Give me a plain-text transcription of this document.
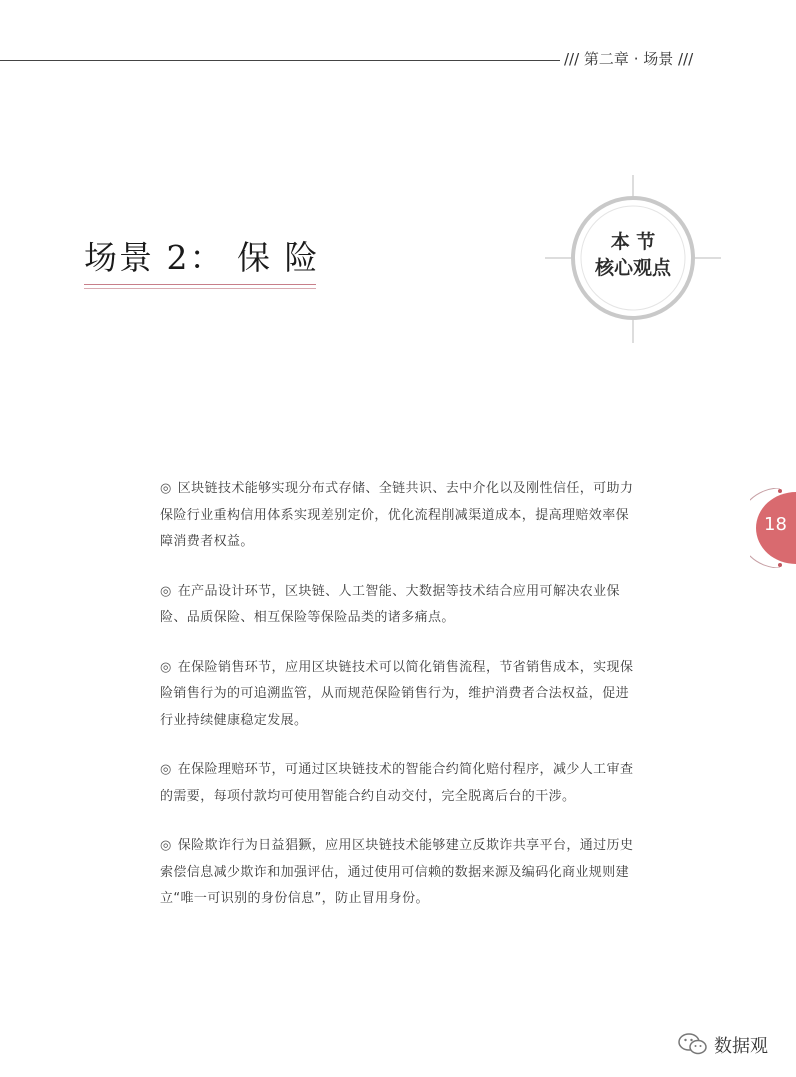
/// 第二章 · 场景 ///
场景 2： 保 险	本 节
核心观点
18
◎ 区块链技术能够实现分布式存储、全链共识、去中介化以及刚性信任，可助力保险行业重构信用体系实现差别定价，优化流程削减渠道成本，提高理赔效率保障消费者权益。
◎ 在产品设计环节，区块链、人工智能、大数据等技术结合应用可解决农业保险、品质保险、相互保险等保险品类的诸多痛点。
◎ 在保险销售环节，应用区块链技术可以简化销售流程，节省销售成本，实现保险销售行为的可追溯监管，从而规范保险销售行为，维护消费者合法权益，促进行业持续健康稳定发展。
◎ 在保险理赔环节，可通过区块链技术的智能合约简化赔付程序，减少人工审查的需要，每项付款均可使用智能合约自动交付，完全脱离后台的干涉。
◎ 保险欺诈行为日益猖獗，应用区块链技术能够建立反欺诈共享平台，通过历史索偿信息减少欺诈和加强评估，通过使用可信赖的数据来源及编码化商业规则建立“唯一可识别的身份信息”，防止冒用身份。
数据观
